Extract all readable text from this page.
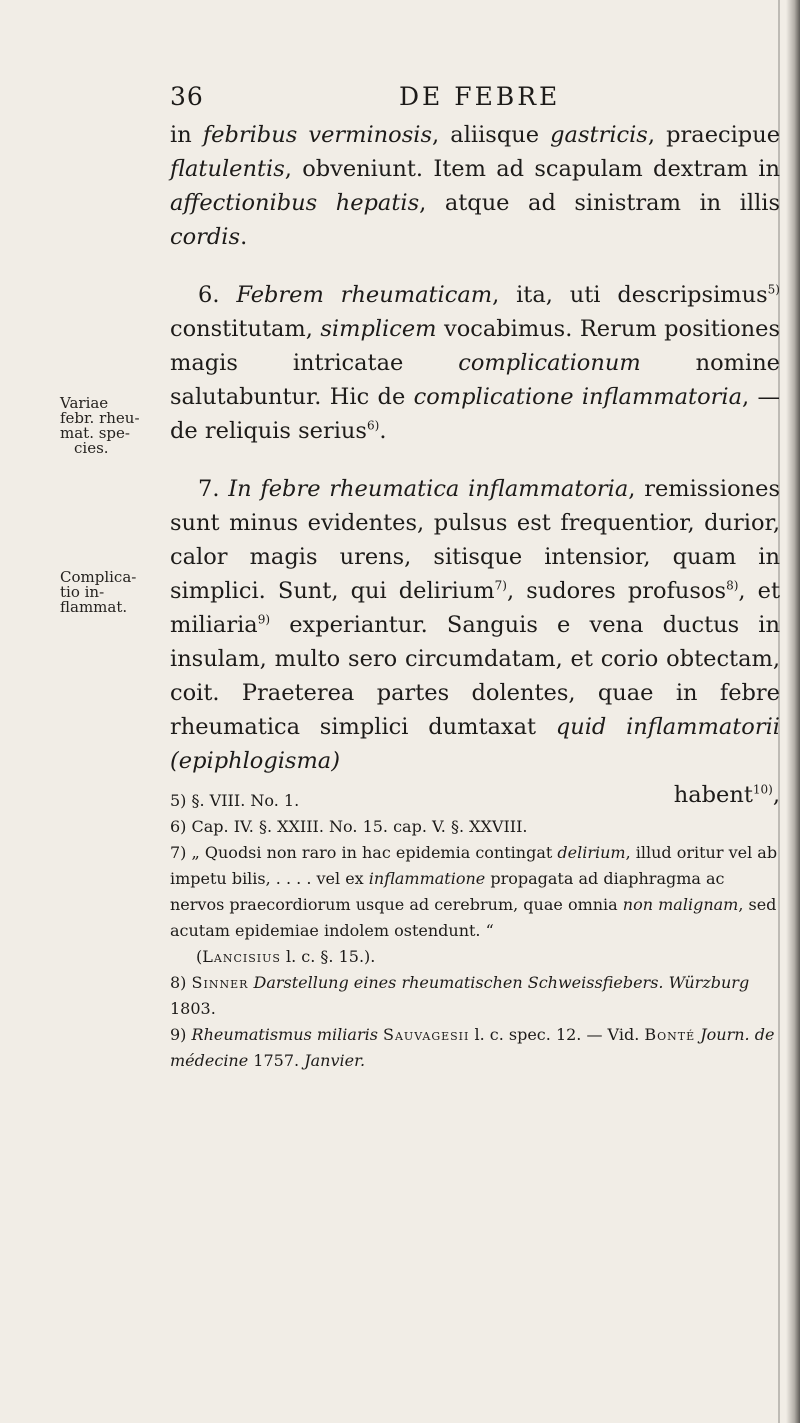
36	DE FEBRE
Variae
febr. rheu-
mat. spe-
cies.
Complica-
tio in-
flammat.

in febribus verminosis, aliisque gastricis, praecipue flatulentis, obveniunt. Item ad scapulam dextram in affectionibus hepatis, atque ad sinistram in illis cordis.

6. Febrem rheumaticam, ita, uti descripsimus$^{5)}$ constitutam, simplicem vocabimus. Rerum positiones magis intricatae complicationum nomine salutabuntur. Hic de complicatione inflammatoria, — de reliquis serius$^{6)}$.

7. In febre rheumatica inflammatoria, remissiones sunt minus evidentes, pulsus est frequentior, durior, calor magis urens, sitisque intensior, quam in simplici. Sunt, qui delirium$^{7)}$, sudores profusos$^{8)}$, et miliaria$^{9)}$ experiantur. Sanguis e vena ductus in insulam, multo sero circumdatam, et corio obtectam, coit. Praeterea partes dolentes, quae in febre rheumatica simplici dumtaxat quid inflammatorii (epiphlogisma)
habent$^{10)}$,

5) §. VIII. No. 1.

6) Cap. IV. §. XXIII. No. 15. cap. V. §. XXVIII.

7) „ Quodsi non raro in hac epidemia contingat delirium, illud oritur vel ab impetu bilis, . . . . vel ex inflammatione propagata ad diaphragma ac nervos praecordiorum usque ad cerebrum, quae omnia non malignam, sed acutam epidemiae indolem ostendunt. “

(Lancisius l. c. §. 15.).

8) Sinner Darstellung eines rheumatischen Schweissfiebers. Würzburg 1803.

9) Rheumatismus miliaris Sauvagesii l. c. spec. 12. — Vid. Bonté Journ. de médecine 1757. Janvier.
